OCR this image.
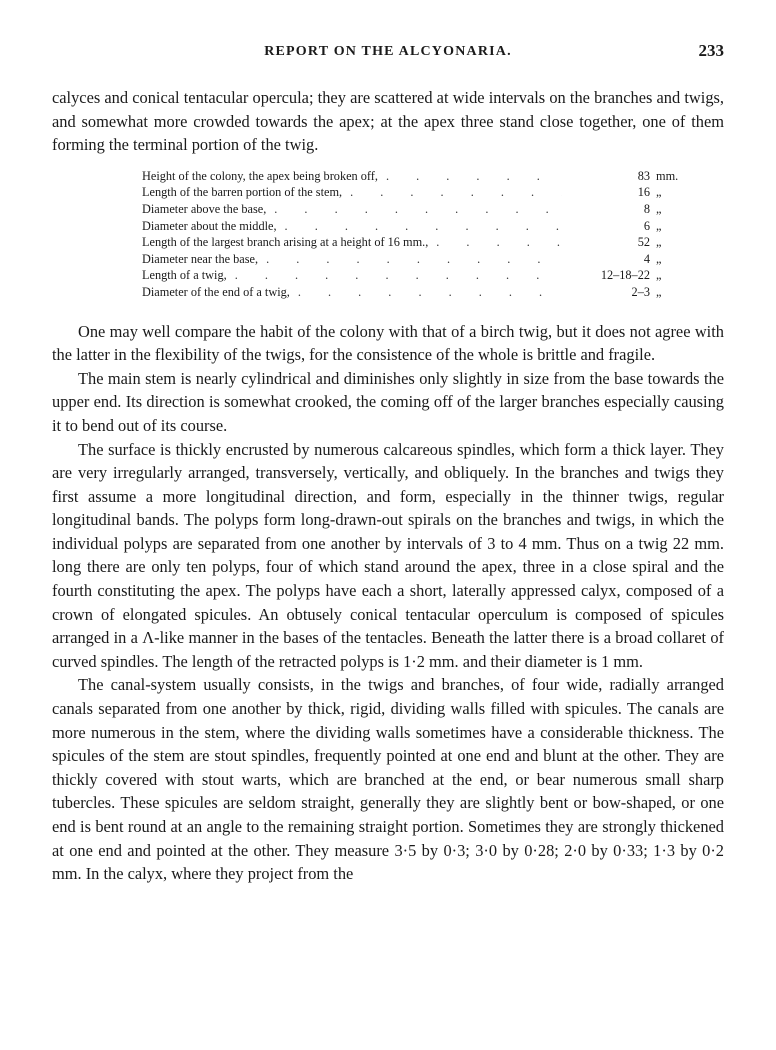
REPORT ON THE ALCYONARIA.	233

calyces and conical tentacular opercula; they are scattered at wide intervals on the branches and twigs, and somewhat more crowded towards the apex; at the apex three stand close together, one of them forming the terminal portion of the twig.

Height of the colony, the apex being broken off, . . .	83 mm.
Length of the barren portion of the stem, . . .	16 „
Diameter above the base, . . .	8 „
Diameter about the middle, . . .	6 „
Length of the largest branch arising at a height of 16 mm., . . .	52 „
Diameter near the base, . . .	4 „
Length of a twig, . . .	12–18–22 „
Diameter of the end of a twig, . . .	2–3 „

One may well compare the habit of the colony with that of a birch twig, but it does not agree with the latter in the flexibility of the twigs, for the consistence of the whole is brittle and fragile.

The main stem is nearly cylindrical and diminishes only slightly in size from the base towards the upper end. Its direction is somewhat crooked, the coming off of the larger branches especially causing it to bend out of its course.

The surface is thickly encrusted by numerous calcareous spindles, which form a thick layer. They are very irregularly arranged, transversely, vertically, and obliquely. In the branches and twigs they first assume a more longitudinal direction, and form, especially in the thinner twigs, regular longitudinal bands. The polyps form long-drawn-out spirals on the branches and twigs, in which the individual polyps are separated from one another by intervals of 3 to 4 mm. Thus on a twig 22 mm. long there are only ten polyps, four of which stand around the apex, three in a close spiral and the fourth constituting the apex. The polyps have each a short, laterally appressed calyx, composed of a crown of elongated spicules. An obtusely conical tentacular operculum is composed of spicules arranged in a Λ-like manner in the bases of the tentacles. Beneath the latter there is a broad collaret of curved spindles. The length of the retracted polyps is 1·2 mm. and their diameter is 1 mm.

The canal-system usually consists, in the twigs and branches, of four wide, radially arranged canals separated from one another by thick, rigid, dividing walls filled with spicules. The canals are more numerous in the stem, where the dividing walls sometimes have a considerable thickness. The spicules of the stem are stout spindles, frequently pointed at one end and blunt at the other. They are thickly covered with stout warts, which are branched at the end, or bear numerous small sharp tubercles. These spicules are seldom straight, generally they are slightly bent or bow-shaped, or one end is bent round at an angle to the remaining straight portion. Sometimes they are strongly thickened at one end and pointed at the other. They measure 3·5 by 0·3; 3·0 by 0·28; 2·0 by 0·33; 1·3 by 0·2 mm. In the calyx, where they project from the
